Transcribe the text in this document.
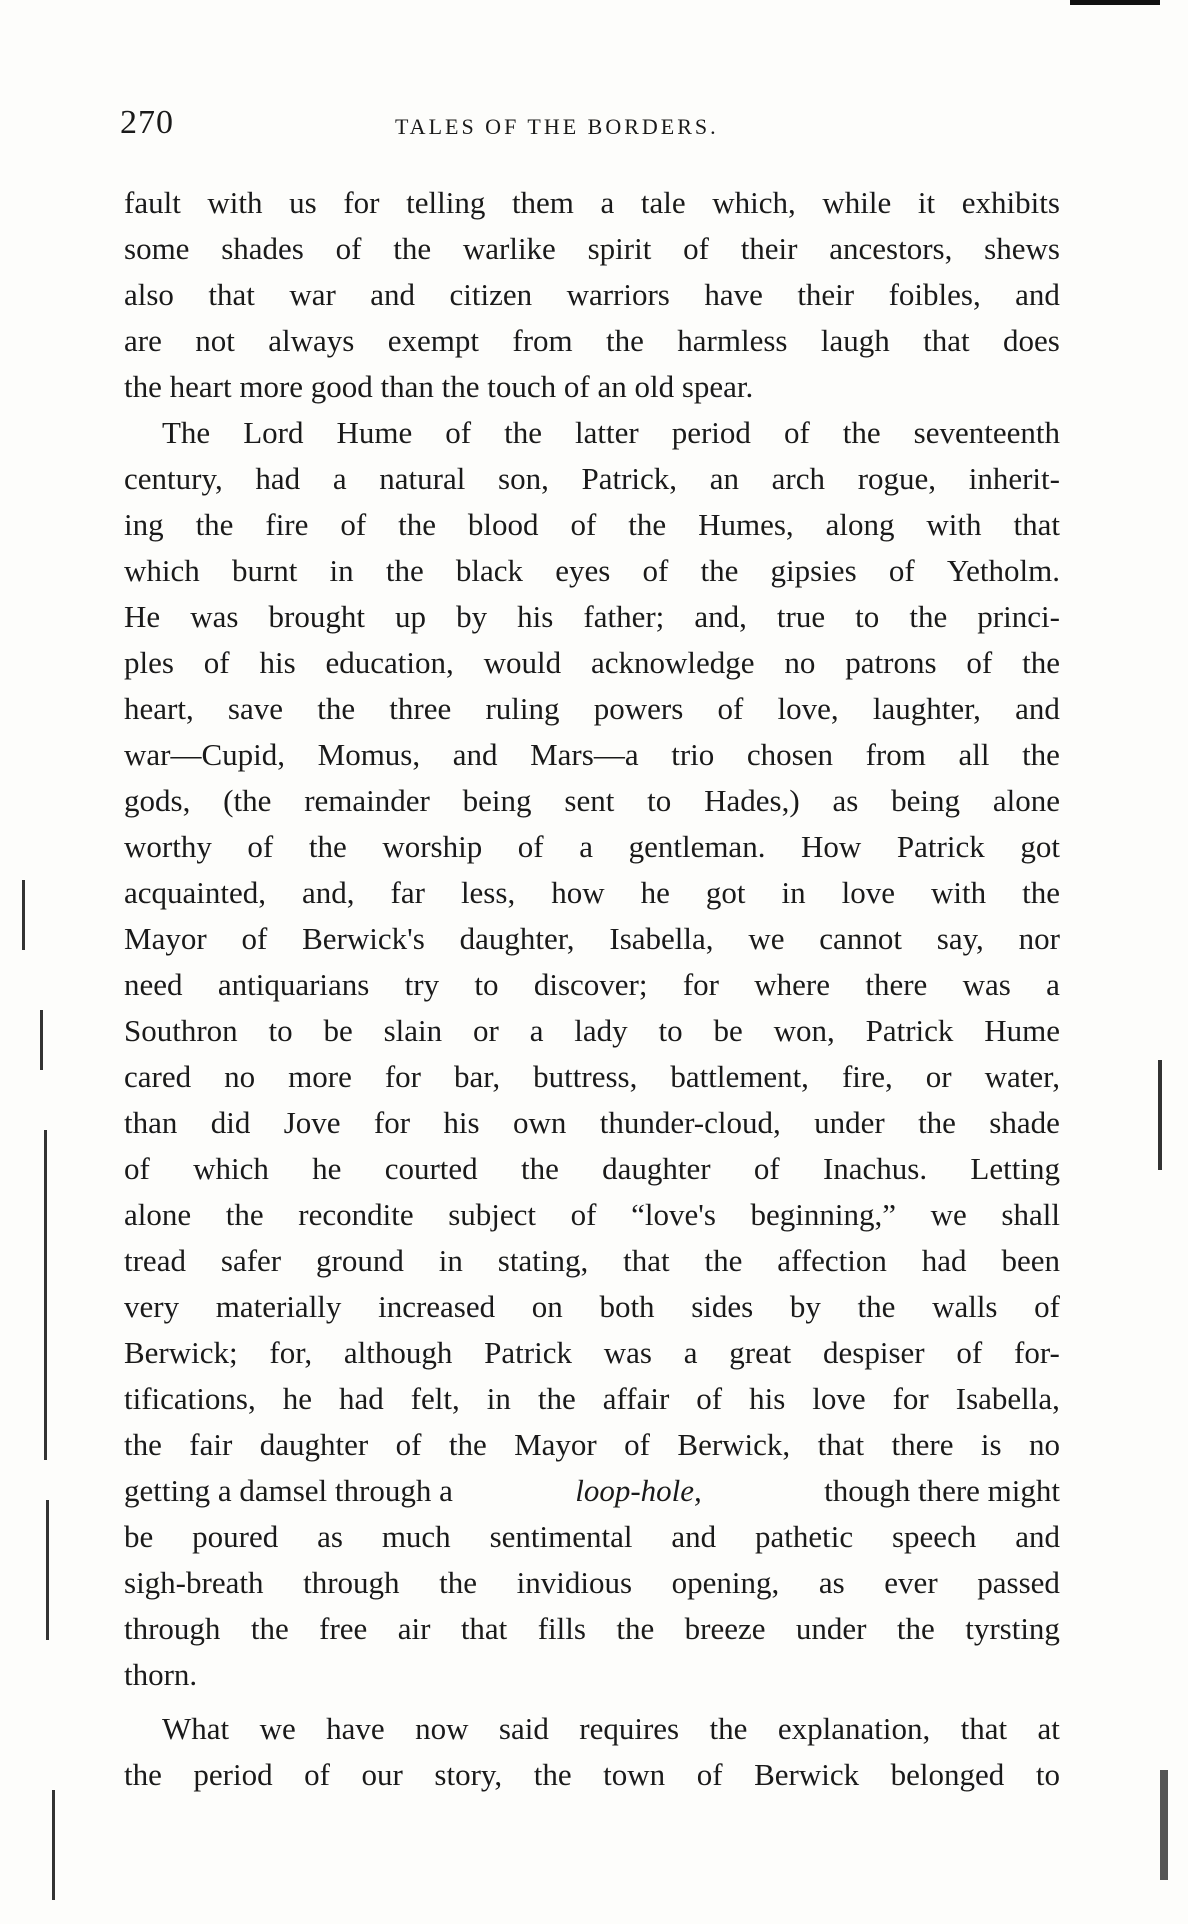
270	TALES OF THE BORDERS.
fault with us for telling them a tale which, while it exhibits
some shades of the warlike spirit of their ancestors, shews
also that war and citizen warriors have their foibles, and
are not always exempt from the harmless laugh that does
the heart more good than the touch of an old spear.
The Lord Hume of the latter period of the seventeenth
century, had a natural son, Patrick, an arch rogue, inherit-
ing the fire of the blood of the Humes, along with that
which burnt in the black eyes of the gipsies of Yetholm.
He was brought up by his father; and, true to the princi-
ples of his education, would acknowledge no patrons of the
heart, save the three ruling powers of love, laughter, and
war—Cupid, Momus, and Mars—a trio chosen from all the
gods, (the remainder being sent to Hades,) as being alone
worthy of the worship of a gentleman. How Patrick got
acquainted, and, far less, how he got in love with the
Mayor of Berwick's daughter, Isabella, we cannot say, nor
need antiquarians try to discover; for where there was a
Southron to be slain or a lady to be won, Patrick Hume
cared no more for bar, buttress, battlement, fire, or water,
than did Jove for his own thunder-cloud, under the shade
of which he courted the daughter of Inachus. Letting
alone the recondite subject of “love's beginning,” we shall
tread safer ground in stating, that the affection had been
very materially increased on both sides by the walls of
Berwick; for, although Patrick was a great despiser of for-
tifications, he had felt, in the affair of his love for Isabella,
the fair daughter of the Mayor of Berwick, that there is no
getting a damsel through a	loop-hole,	though there might
be poured as much sentimental and pathetic speech and
sigh-breath through the invidious opening, as ever passed
through the free air that fills the breeze under the tyrsting
thorn.
What we have now said requires the explanation, that at
the period of our story, the town of Berwick belonged to
